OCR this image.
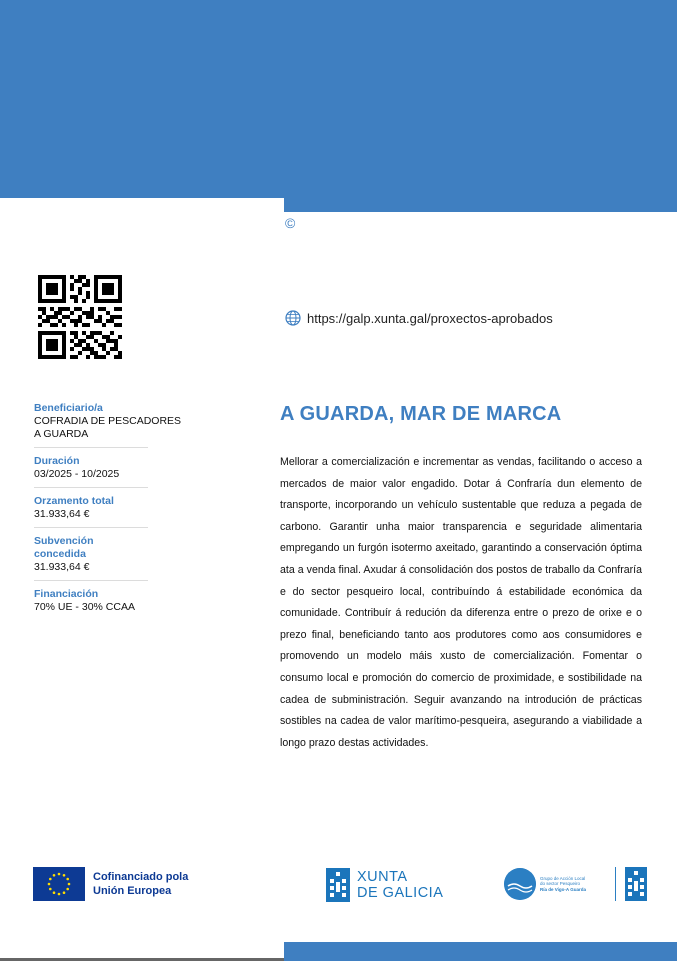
©
https://galp.xunta.gal/proxectos-aprobados
Beneficiario/a
COFRADIA DE PESCADORES
A GUARDA
Duración
03/2025 - 10/2025
Orzamento total
31.933,64 €
Subvención concedida
31.933,64 €
Financiación
70% UE - 30% CCAA
A GUARDA, MAR DE MARCA

Mellorar a comercialización e incrementar as vendas, facilitando o acceso a mercados de maior valor engadido. Dotar á Confraría dun elemento de transporte, incorporando un vehículo sustentable que reduza a pegada de carbono. Garantir unha maior transparencia e seguridade alimentaria empregando un furgón isotermo axeitado, garantindo a conservación óptima ata a venda final. Axudar á consolidación dos postos de traballo da Confraría e do sector pesqueiro local, contribuíndo á estabilidade económica da comunidade. Contribuír á redución da diferenza entre o prezo de orixe e o prezo final, beneficiando tanto aos produtores como aos consumidores e promovendo un modelo máis xusto de comercialización. Fomentar o consumo local e promoción do comercio de proximidade, e sostibilidade na cadea de subministración. Seguir avanzando na introdución de prácticas sostibles na cadea de valor marítimo-pesqueira, asegurando a viabilidade a longo prazo destas actividades.

Cofinanciado pola
Unión Europea
XUNTA
DE GALICIA
Grupo de Acción Local
do sector Pesqueiro
Ría de Vigo-A Guarda
